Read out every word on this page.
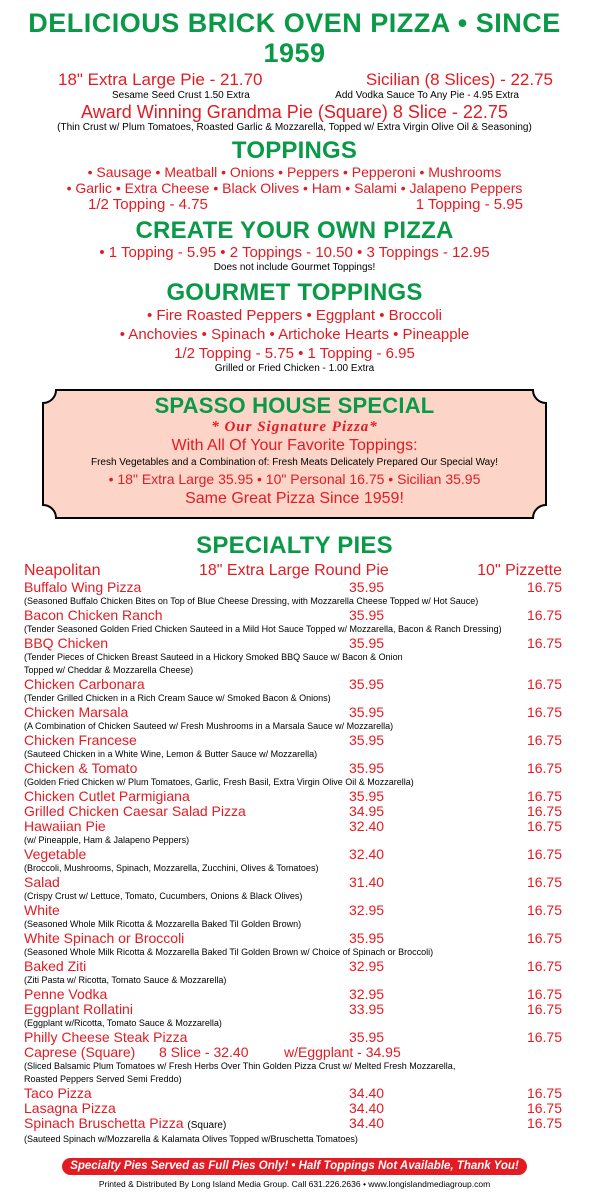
DELICIOUS BRICK OVEN PIZZA • SINCE 1959
18" Extra Large Pie - 21.70	Sicilian (8 Slices) - 22.75
Sesame Seed Crust 1.50 Extra	Add Vodka Sauce To Any Pie - 4.95 Extra
Award Winning Grandma Pie (Square) 8 Slice - 22.75
(Thin Crust w/ Plum Tomatoes, Roasted Garlic & Mozzarella, Topped w/ Extra Virgin Olive Oil & Seasoning)
TOPPINGS
• Sausage • Meatball • Onions • Peppers • Pepperoni • Mushrooms
• Garlic • Extra Cheese • Black Olives • Ham • Salami • Jalapeno Peppers
1/2 Topping - 4.75	1 Topping - 5.95
CREATE YOUR OWN PIZZA
• 1 Topping - 5.95 • 2 Toppings - 10.50 • 3 Toppings - 12.95
Does not include Gourmet Toppings!
GOURMET TOPPINGS
• Fire Roasted Peppers • Eggplant • Broccoli
• Anchovies • Spinach • Artichoke Hearts • Pineapple
1/2 Topping - 5.75 • 1 Topping - 6.95
Grilled or Fried Chicken - 1.00 Extra
SPASSO HOUSE SPECIAL
* Our Signature Pizza*
With All Of Your Favorite Toppings:
Fresh Vegetables and a Combination of: Fresh Meats Delicately Prepared Our Special Way!
• 18" Extra Large 35.95 • 10" Personal 16.75 • Sicilian 35.95
Same Great Pizza Since 1959!
SPECIALTY PIES
Neapolitan	18" Extra Large Round Pie	10" Pizzette
Buffalo Wing Pizza	35.95	16.75
(Seasoned Buffalo Chicken Bites on Top of Blue Cheese Dressing, with Mozzarella Cheese Topped w/ Hot Sauce)
Bacon Chicken Ranch	35.95	16.75
(Tender Seasoned Golden Fried Chicken Sauteed in a Mild Hot Sauce Topped w/ Mozzarella, Bacon & Ranch Dressing)
BBQ Chicken	35.95	16.75
(Tender Pieces of Chicken Breast Sauteed in a Hickory Smoked BBQ Sauce w/ Bacon & Onion
Topped w/ Cheddar & Mozzarella Cheese)
Chicken Carbonara	35.95	16.75
(Tender Grilled Chicken in a Rich Cream Sauce w/ Smoked Bacon & Onions)
Chicken Marsala	35.95	16.75
(A Combination of Chicken Sauteed w/ Fresh Mushrooms in a Marsala Sauce w/ Mozzarella)
Chicken Francese	35.95	16.75
(Sauteed Chicken in a White Wine, Lemon & Butter Sauce w/ Mozzarella)
Chicken & Tomato	35.95	16.75
(Golden Fried Chicken w/ Plum Tomatoes, Garlic, Fresh Basil, Extra Virgin Olive Oil & Mozzarella)
Chicken Cutlet Parmigiana	35.95	16.75
Grilled Chicken Caesar Salad Pizza	34.95	16.75
Hawaiian Pie	32.40	16.75
(w/ Pineapple, Ham & Jalapeno Peppers)
Vegetable	32.40	16.75
(Broccoli, Mushrooms, Spinach, Mozzarella, Zucchini, Olives & Tomatoes)
Salad	31.40	16.75
(Crispy Crust w/ Lettuce, Tomato, Cucumbers, Onions & Black Olives)
White	32.95	16.75
(Seasoned Whole Milk Ricotta & Mozzarella Baked Til Golden Brown)
White Spinach or Broccoli	35.95	16.75
(Seasoned Whole Milk Ricotta & Mozzarella Baked Til Golden Brown w/ Choice of Spinach or Broccoli)
Baked Ziti	32.95	16.75
(Ziti Pasta w/ Ricotta, Tomato Sauce & Mozzarella)
Penne Vodka	32.95	16.75
Eggplant Rollatini	33.95	16.75
(Eggplant w/Ricotta, Tomato Sauce & Mozzarella)
Philly Cheese Steak Pizza	35.95	16.75
Caprese (Square)	8 Slice - 32.40	w/Eggplant - 34.95
(Sliced Balsamic Plum Tomatoes w/ Fresh Herbs Over Thin Golden Pizza Crust w/ Melted Fresh Mozzarella,
Roasted Peppers Served Semi Freddo)
Taco Pizza	34.40	16.75
Lasagna Pizza	34.40	16.75
Spinach Bruschetta Pizza (Square)	34.40	16.75
(Sauteed Spinach w/Mozzarella & Kalamata Olives Topped w/Bruschetta Tomatoes)
Specialty Pies Served as Full Pies Only! • Half Toppings Not Available, Thank You!
Printed & Distributed By Long Island Media Group. Call 631.226.2636 • www.longislandmediagroup.com
